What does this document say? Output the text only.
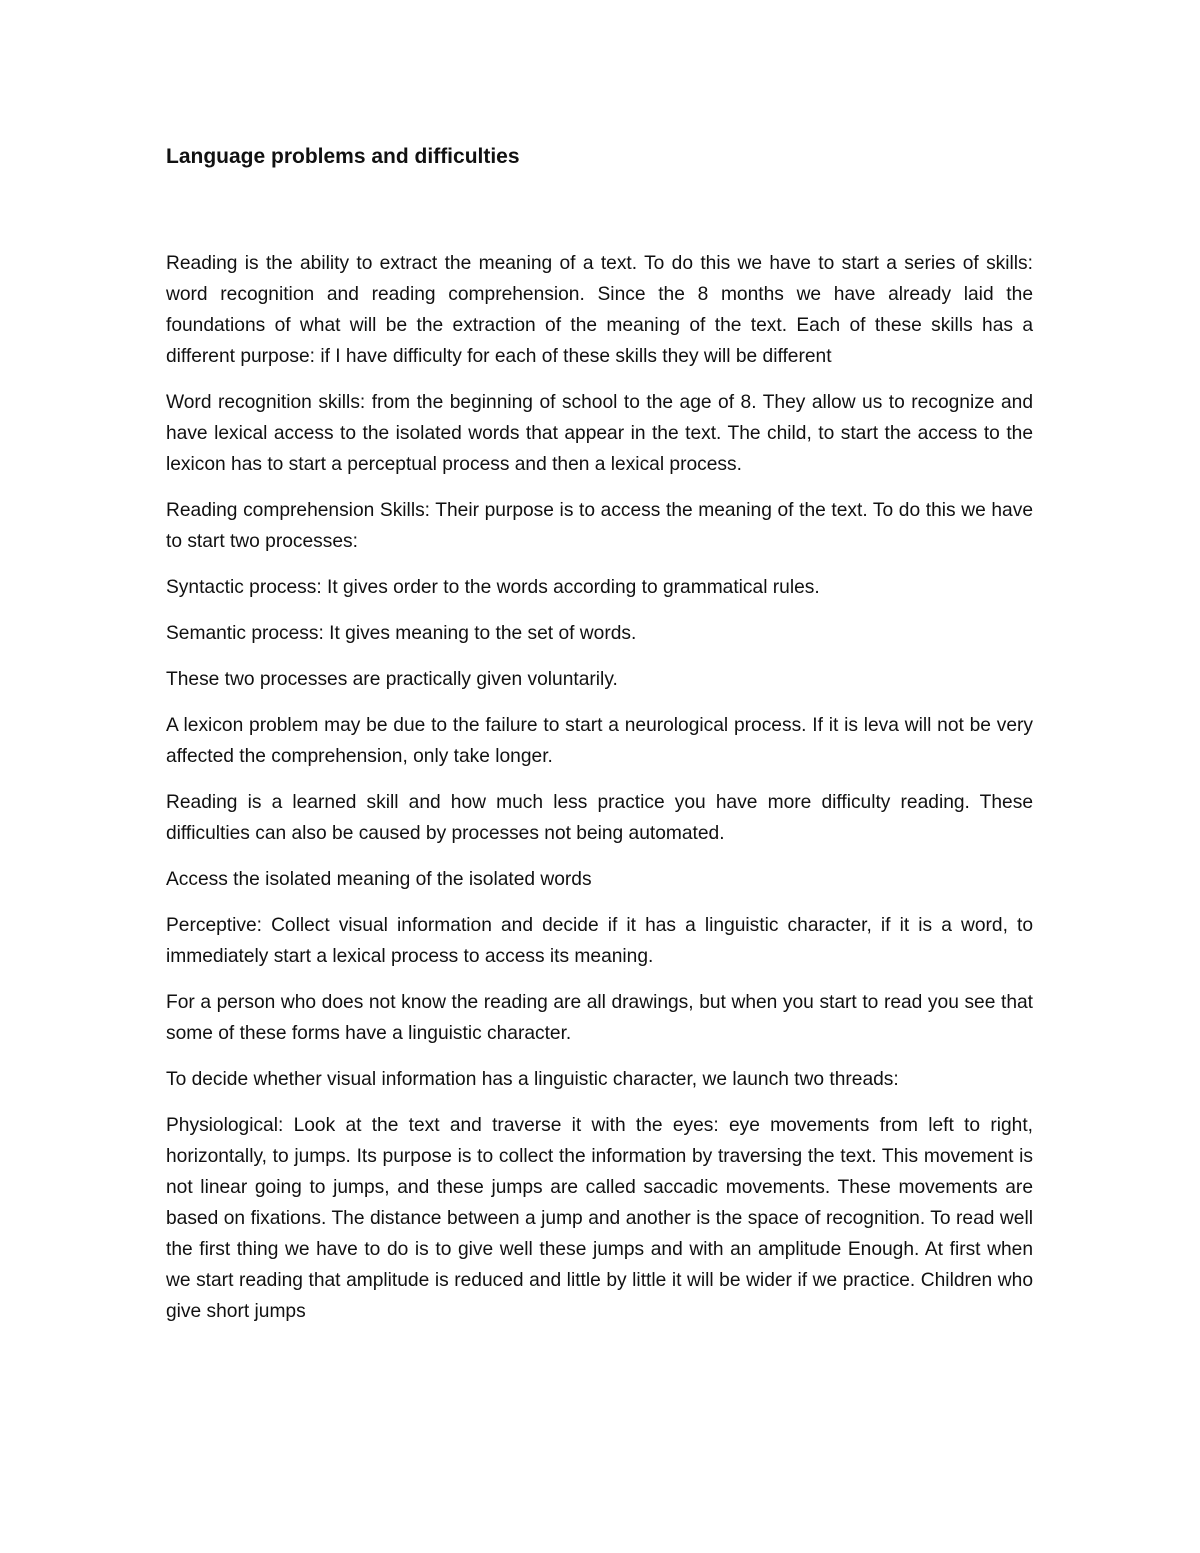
Language problems and difficulties

Reading is the ability to extract the meaning of a text. To do this we have to start a series of skills: word recognition and reading comprehension. Since the 8 months we have already laid the foundations of what will be the extraction of the meaning of the text. Each of these skills has a different purpose: if I have difficulty for each of these skills they will be different

Word recognition skills: from the beginning of school to the age of 8. They allow us to recognize and have lexical access to the isolated words that appear in the text. The child, to start the access to the lexicon has to start a perceptual process and then a lexical process.

Reading comprehension Skills: Their purpose is to access the meaning of the text. To do this we have to start two processes:

Syntactic process: It gives order to the words according to grammatical rules.

Semantic process: It gives meaning to the set of words.

These two processes are practically given voluntarily.

A lexicon problem may be due to the failure to start a neurological process. If it is leva will not be very affected the comprehension, only take longer.

Reading is a learned skill and how much less practice you have more difficulty reading. These difficulties can also be caused by processes not being automated.

Access the isolated meaning of the isolated words

Perceptive: Collect visual information and decide if it has a linguistic character, if it is a word, to immediately start a lexical process to access its meaning.

For a person who does not know the reading are all drawings, but when you start to read you see that some of these forms have a linguistic character.

To decide whether visual information has a linguistic character, we launch two threads:

Physiological: Look at the text and traverse it with the eyes: eye movements from left to right, horizontally, to jumps. Its purpose is to collect the information by traversing the text. This movement is not linear going to jumps, and these jumps are called saccadic movements. These movements are based on fixations. The distance between a jump and another is the space of recognition. To read well the first thing we have to do is to give well these jumps and with an amplitude Enough. At first when we start reading that amplitude is reduced and little by little it will be wider if we practice. Children who give short jumps
